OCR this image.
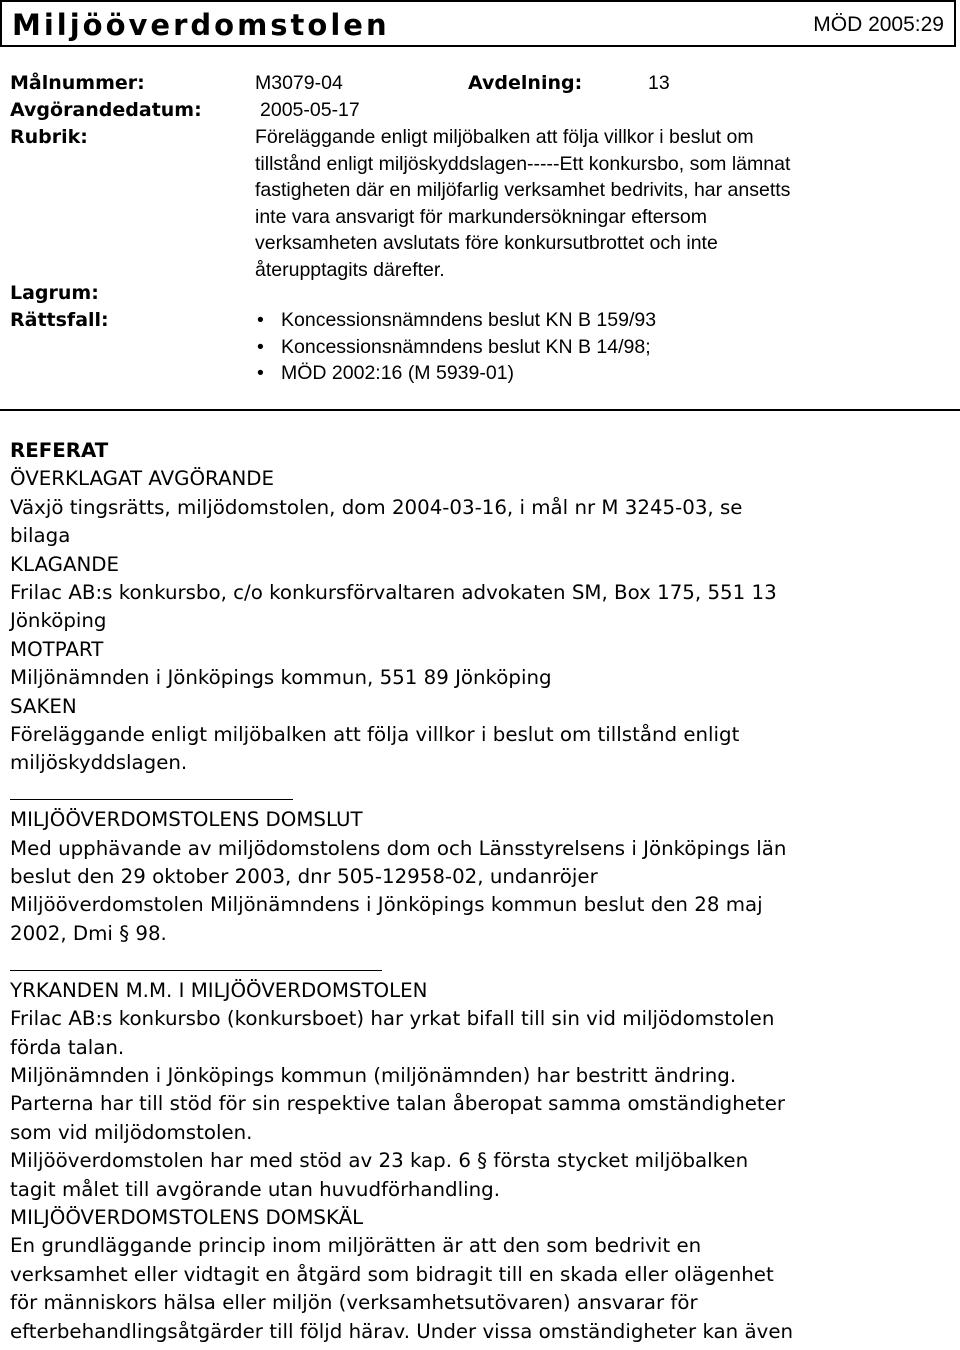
Miljööverdomstolen	MÖD 2005:29
Målnummer:	M3079-04	Avdelning:	13
Avgörandedatum:	2005-05-17
Rubrik:	Föreläggande enligt miljöbalken att följa villkor i beslut om
tillstånd enligt miljöskyddslagen-----Ett konkursbo, som lämnat
fastigheten där en miljöfarlig verksamhet bedrivits, har ansetts
inte vara ansvarigt för markundersökningar eftersom
verksamheten avslutats före konkursutbrottet och inte
återupptagits därefter.
Lagrum:
Rättsfall:	• Koncessionsnämndens beslut KN B 159/93
• Koncessionsnämndens beslut KN B 14/98;
• MÖD 2002:16 (M 5939-01)

REFERAT

ÖVERKLAGAT AVGÖRANDE

Växjö tingsrätts, miljödomstolen, dom 2004-03-16, i mål nr M 3245-03, se

bilaga

KLAGANDE

Frilac AB:s konkursbo, c/o konkursförvaltaren advokaten SM, Box 175, 551 13

Jönköping

MOTPART

Miljönämnden i Jönköpings kommun, 551 89 Jönköping

SAKEN

Föreläggande enligt miljöbalken att följa villkor i beslut om tillstånd enligt

miljöskyddslagen.

MILJÖÖVERDOMSTOLENS DOMSLUT

Med upphävande av miljödomstolens dom och Länsstyrelsens i Jönköpings län

beslut den 29 oktober 2003, dnr 505-12958-02, undanröjer

Miljööverdomstolen Miljönämndens i Jönköpings kommun beslut den 28 maj

2002, Dmi § 98.

YRKANDEN M.M. I MILJÖÖVERDOMSTOLEN

Frilac AB:s konkursbo (konkursboet) har yrkat bifall till sin vid miljödomstolen

förda talan.

Miljönämnden i Jönköpings kommun (miljönämnden) har bestritt ändring.

Parterna har till stöd för sin respektive talan åberopat samma omständigheter

som vid miljödomstolen.

Miljööverdomstolen har med stöd av 23 kap. 6 § första stycket miljöbalken

tagit målet till avgörande utan huvudförhandling.

MILJÖÖVERDOMSTOLENS DOMSKÄL

En grundläggande princip inom miljörätten är att den som bedrivit en

verksamhet eller vidtagit en åtgärd som bidragit till en skada eller olägenhet

för människors hälsa eller miljön (verksamhetsutövaren) ansvarar för

efterbehandlingsåtgärder till följd härav. Under vissa omständigheter kan även
